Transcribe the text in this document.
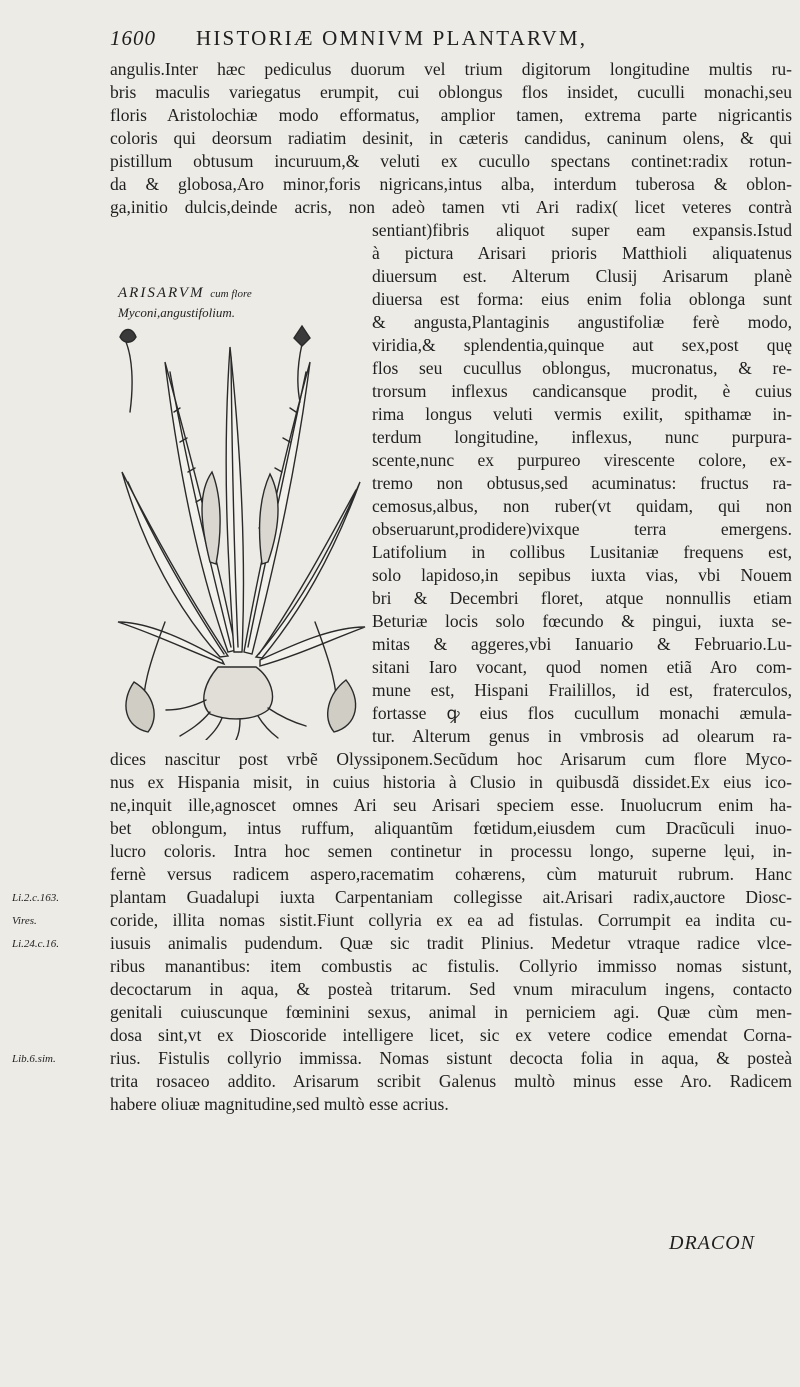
1600 HISTORIÆ OMNIVM PLANTARVM,
angulis.Inter hæc pediculus duorum vel trium digitorum longitudine multis ru-
bris maculis variegatus erumpit, cui oblongus flos insidet, cuculli monachi,seu
floris Aristolochiæ modo efformatus, amplior tamen, extrema parte nigricantis
coloris qui deorsum radiatim desinit, in cæteris candidus, caninum olens, & qui
pistillum obtusum incuruum,& veluti ex cucullo spectans continet:radix rotun-
da & globosa,Aro minor,foris nigricans,intus alba, interdum tuberosa & oblon-
ga,initio dulcis,deinde acris, non adeò tamen vti Ari radix( licet veteres contrà
ARISARVM cum flore
Myconi,angustifolium.
sentiant)fibris aliquot super eam expansis.Istud
à pictura Arisari prioris Matthioli aliquatenus
diuersum est. Alterum Clusij Arisarum planè
diuersa est forma: eius enim folia oblonga sunt
& angusta,Plantaginis angustifoliæ ferè modo,
viridia,& splendentia,quinque aut sex,post quę
flos seu cucullus oblongus, mucronatus, & re-
trorsum inflexus candicansque prodit, è cuius
rima longus veluti vermis exilit, spithamæ in-
terdum longitudine, inflexus, nunc purpura-
scente,nunc ex purpureo virescente colore, ex-
tremo non obtusus,sed acuminatus: fructus ra-
cemosus,albus, non ruber(vt quidam, qui non
obseruarunt,prodidere)vixque terra emergens.
Latifolium in collibus Lusitaniæ frequens est,
solo lapidoso,in sepibus iuxta vias, vbi Nouem
bri & Decembri floret, atque nonnullis etiam
Beturiæ locis solo fœcundo & pingui, iuxta se-
mitas & aggeres,vbi Ianuario & Februario.Lu-
sitani Iaro vocant, quod nomen etiã Aro com-
mune est, Hispani Frailillos, id est, fraterculos,
fortasse ꝙ eius flos cucullum monachi æmula-
tur. Alterum genus in vmbrosis ad olearum ra-
dices nascitur post vrbẽ Olyssiponem.Secũdum hoc Arisarum cum flore Myco-
nus ex Hispania misit, in cuius historia à Clusio in quibusdã dissidet.Ex eius ico-
ne,inquit ille,agnoscet omnes Ari seu Arisari speciem esse. Inuolucrum enim ha-
bet oblongum, intus ruffum, aliquantũm fœtidum,eiusdem cum Dracũculi inuo-
lucro coloris. Intra hoc semen continetur in processu longo, superne lęui, in-
fernè versus radicem aspero,racematim cohærens, cùm maturuit rubrum. Hanc
plantam Guadalupi iuxta Carpentaniam collegisse ait.Arisari radix,auctore Diosc-
coride, illita nomas sistit.Fiunt collyria ex ea ad fistulas. Corrumpit ea indita cu-
iusuis animalis pudendum. Quæ sic tradit Plinius. Medetur vtraque radice vlce-
ribus manantibus: item combustis ac fistulis. Collyrio immisso nomas sistunt,
decoctarum in aqua, & posteà tritarum. Sed vnum miraculum ingens, contacto
genitali cuiuscunque fœminini sexus, animal in perniciem agi. Quæ cùm men-
dosa sint,vt ex Dioscoride intelligere licet, sic ex vetere codice emendat Corna-
rius. Fistulis collyrio immissa. Nomas sistunt decocta folia in aqua, & posteà
trita rosaceo addito. Arisarum scribit Galenus multò minus esse Aro. Radicem
habere oliuæ magnitudine,sed multò esse acrius.
Li.2.c.163.
Vires.
Li.24.c.16.
Lib.6.sim.
DRACON
